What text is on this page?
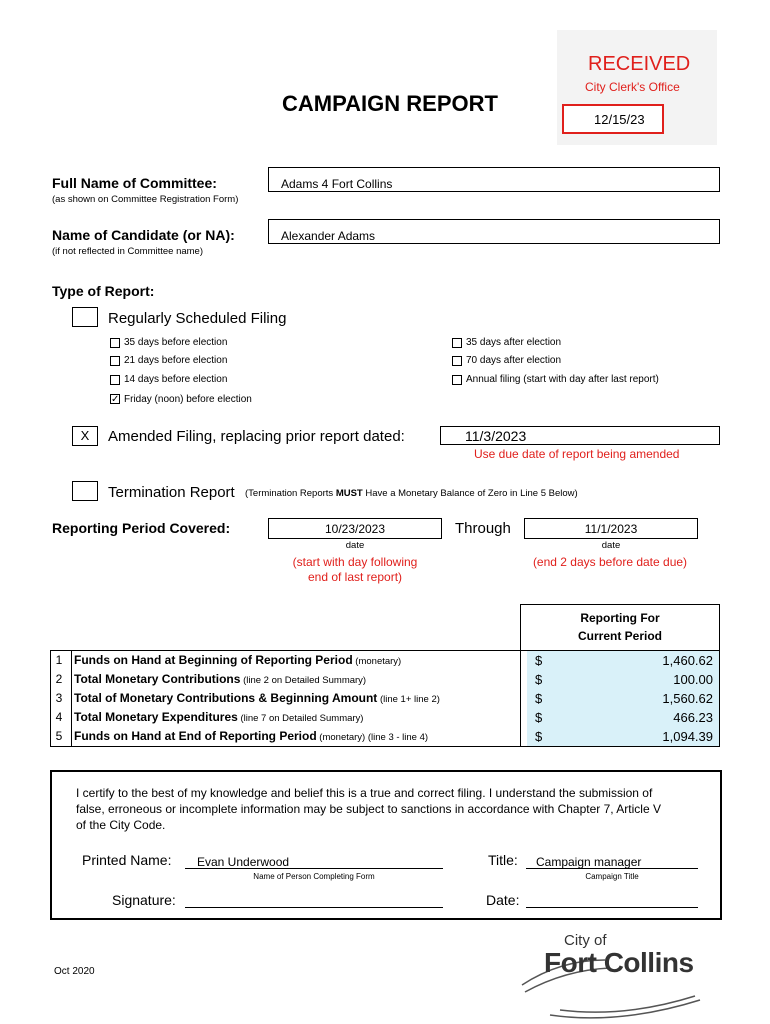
CAMPAIGN REPORT
RECEIVED
City Clerk's Office
12/15/23
Full Name of Committee:
(as shown on Committee Registration Form)
Adams 4 Fort Collins
Name of Candidate (or NA):
(if not reflected in Committee name)
Alexander Adams
Type of Report:
Regularly Scheduled Filing
35 days before election
21 days before election
14 days before election
✓ Friday (noon) before election
35 days after election
70 days after election
Annual filing (start with day after last report)
X	Amended Filing, replacing prior report dated:	11/3/2023
Use due date of report being amended
Termination Report (Termination Reports MUST Have a Monetary Balance of Zero in Line 5 Below)
Reporting Period Covered:	10/23/2023
date
(start with day following
end of last report)
Through	11/1/2023
date
(end 2 days before date due)
Reporting For
Current Period
1 Funds on Hand at Beginning of Reporting Period (monetary)	$	1,460.62
2 Total Monetary Contributions (line 2 on Detailed Summary)	$	100.00
3 Total of Monetary Contributions & Beginning Amount (line 1+ line 2)	$	1,560.62
4 Total Monetary Expenditures (line 7 on Detailed Summary)	$	466.23
5 Funds on Hand at End of Reporting Period (monetary) (line 3 - line 4)	$	1,094.39
I certify to the best of my knowledge and belief this is a true and correct filing. I understand the submission of
false, erroneous or incomplete information may be subject to sanctions in accordance with Chapter 7, Article V
of the City Code.
Printed Name: Evan Underwood
Name of Person Completing Form
Title: Campaign manager
Campaign Title
Signature:	Date:
Oct 2020
City of
Fort Collins
